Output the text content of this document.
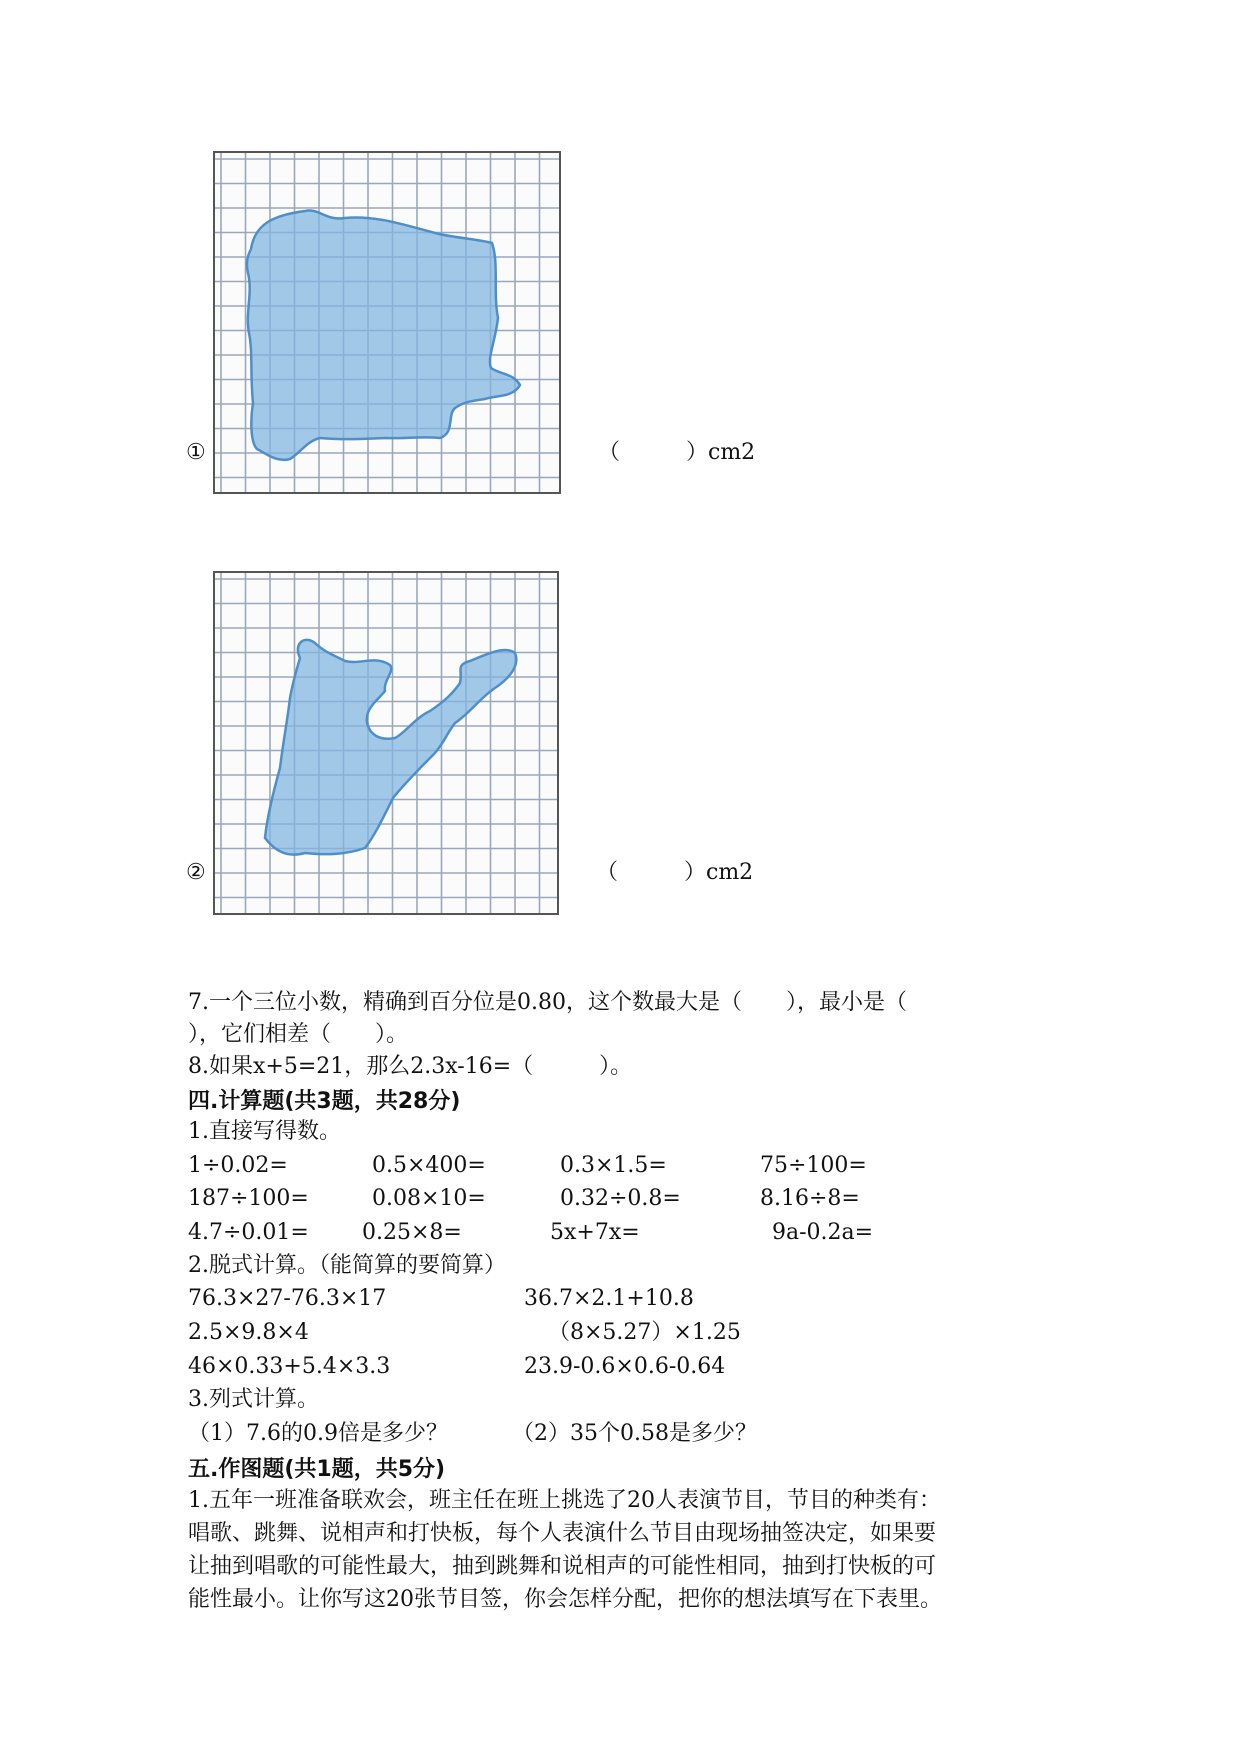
①	（　　　）cm2
②	（　　　）cm2
7.一个三位小数，精确到百分位是0.80，这个数最大是（　　），最小是（
），它们相差（　　）。
8.如果x+5=21，那么2.3x-16=（　　　）。
四.计算题(共3题，共28分)
1.直接写得数。
1÷0.02=	0.5×400=	0.3×1.5=	75÷100=
187÷100=	0.08×10=	0.32÷0.8=	8.16÷8=
4.7÷0.01= 0.25×8=	5x+7x=	9a-0.2a=
2.脱式计算。（能简算的要简算）
76.3×27-76.3×17	36.7×2.1+10.8
2.5×9.8×4	（8×5.27）×1.25
46×0.33+5.4×3.3	23.9-0.6×0.6-0.64
3.列式计算。
（1）7.6的0.9倍是多少？	（2）35个0.58是多少？
五.作图题(共1题，共5分)
1.五年一班准备联欢会，班主任在班上挑选了20人表演节目，节目的种类有：
唱歌、跳舞、说相声和打快板，每个人表演什么节目由现场抽签决定，如果要
让抽到唱歌的可能性最大，抽到跳舞和说相声的可能性相同，抽到打快板的可
能性最小。让你写这20张节目签，你会怎样分配，把你的想法填写在下表里。
